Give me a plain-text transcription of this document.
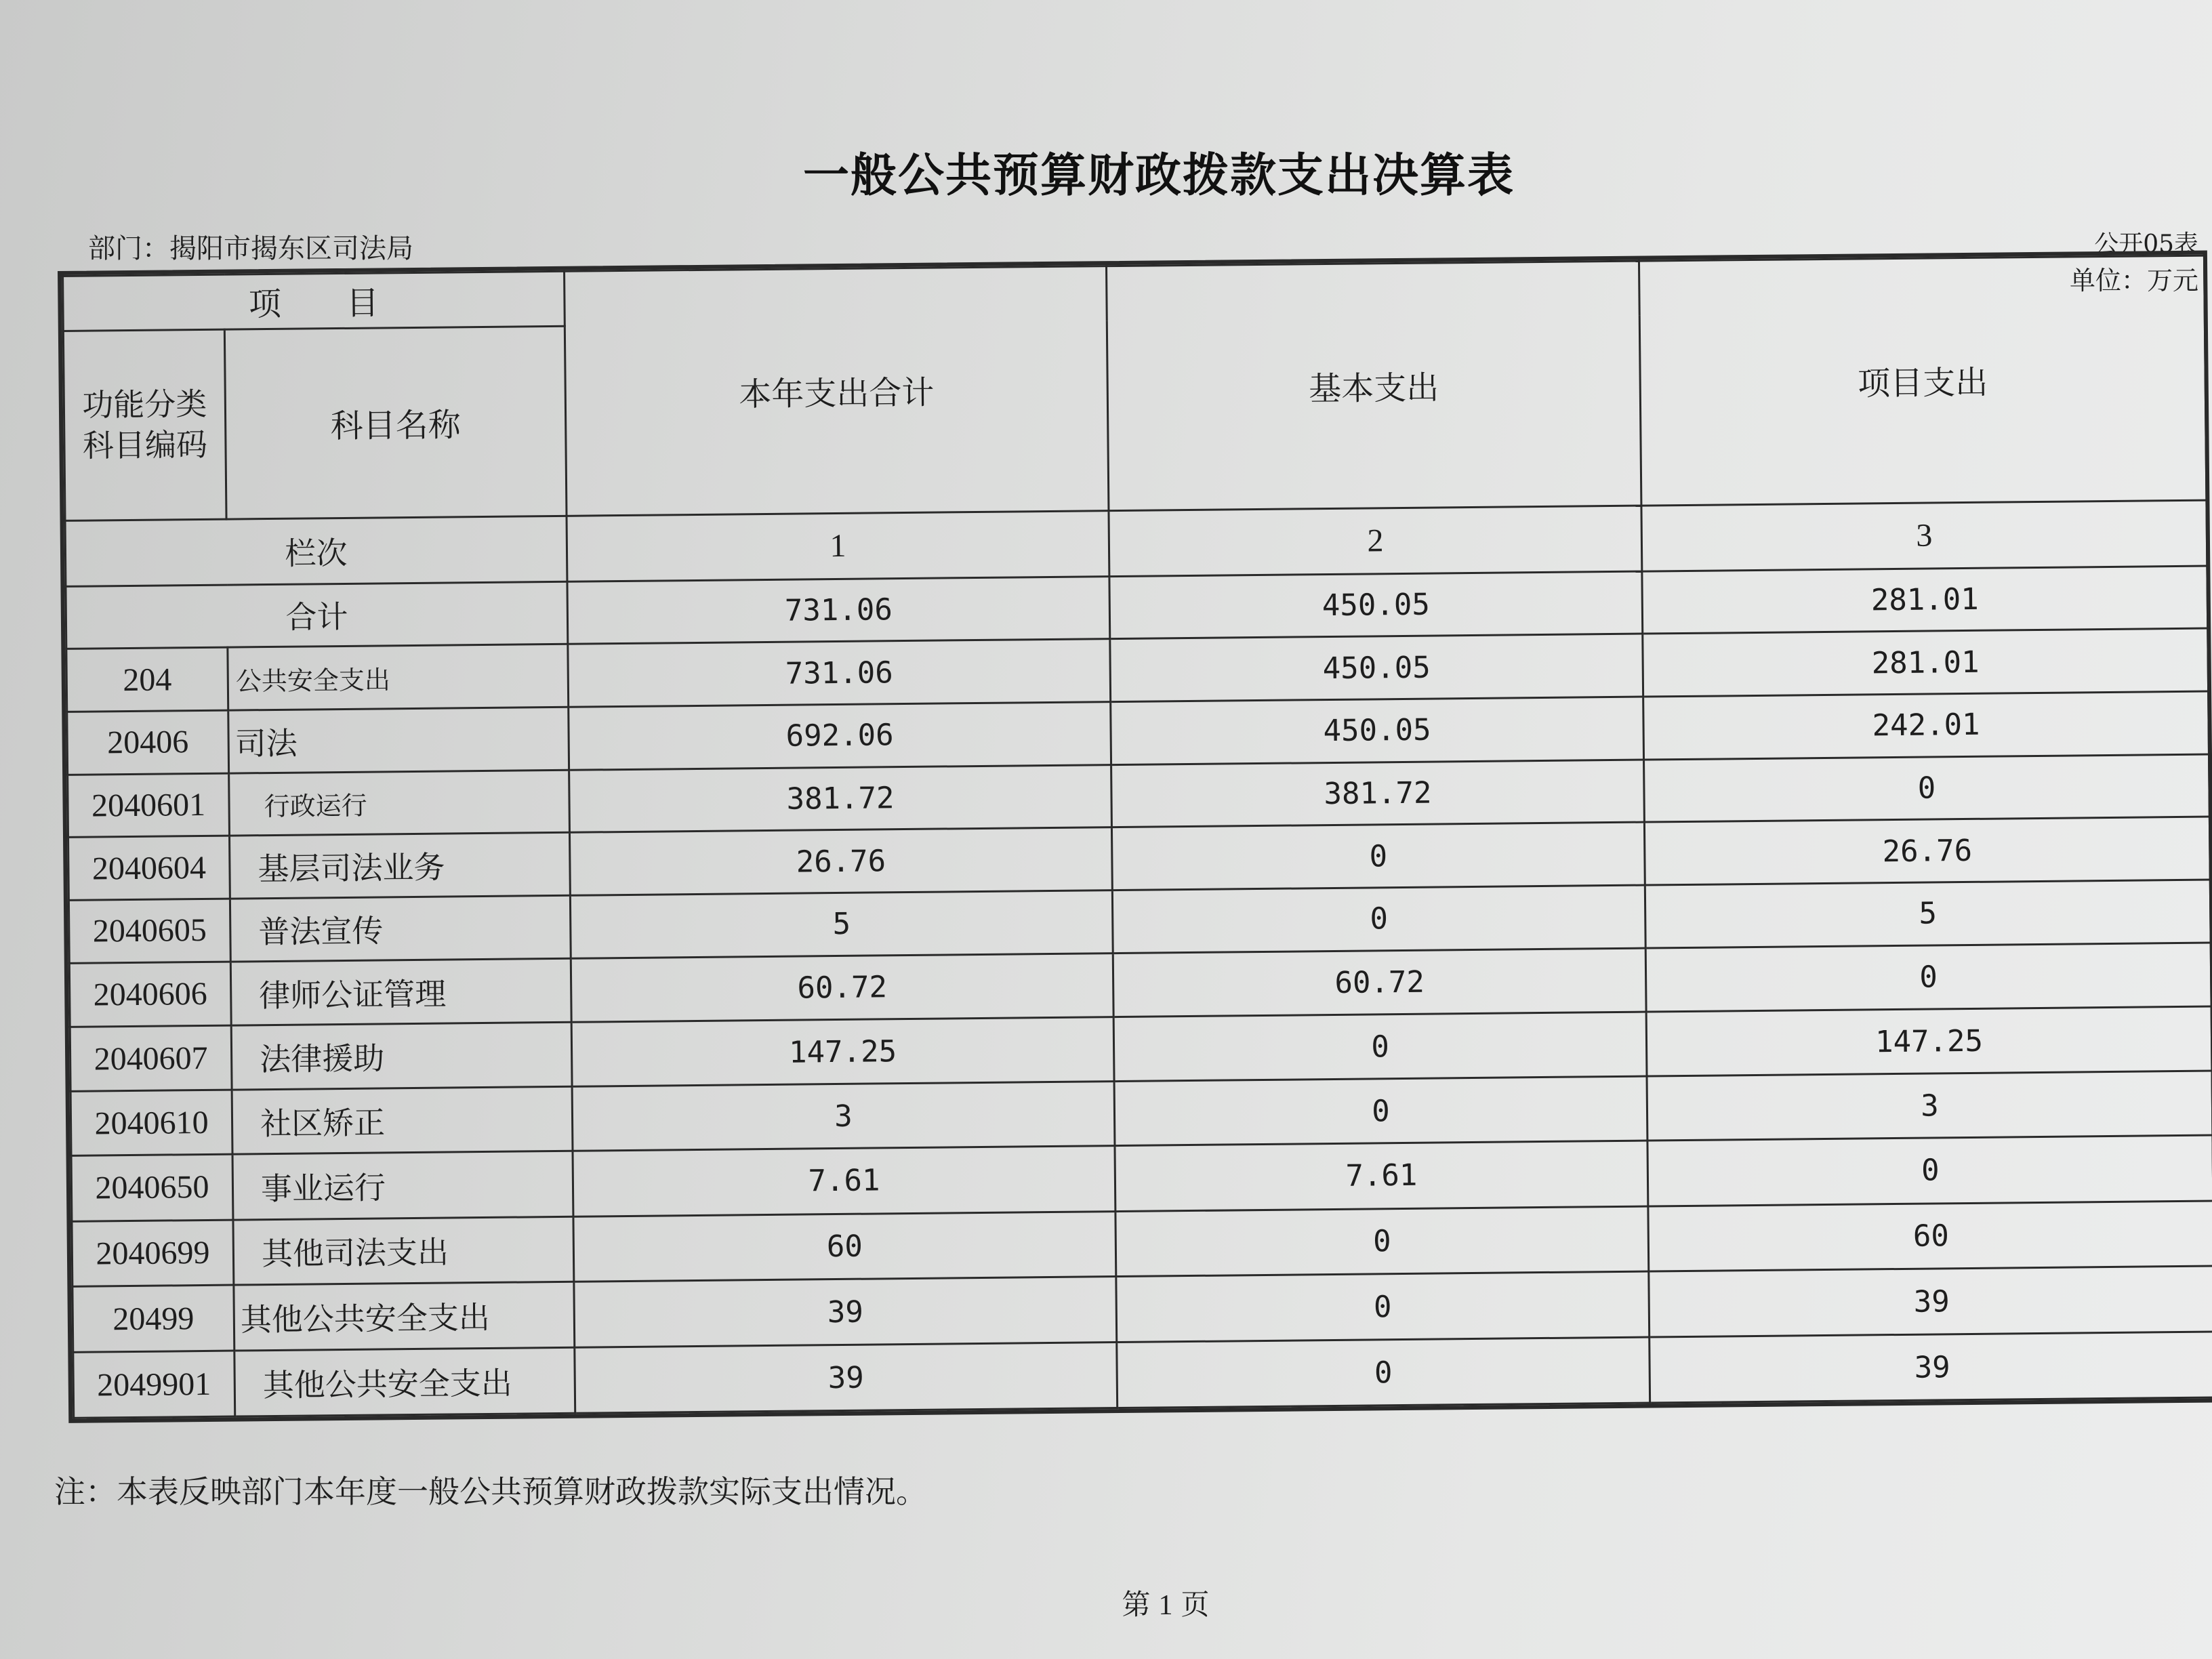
一般公共预算财政拨款支出决算表
部门：揭阳市揭东区司法局	公开05表
单位：万元
项　　目		本年支出合计	基本支出	项目支出
功能分类科目编码	科目名称			
栏次		1	2	3
合计		731.06	450.05	281.01
204	公共安全支出	731.06	450.05	281.01
20406	司法	692.06	450.05	242.01
2040601	行政运行	381.72	381.72	0
2040604	基层司法业务	26.76	0	26.76
2040605	普法宣传	5	0	5
2040606	律师公证管理	60.72	60.72	0
2040607	法律援助	147.25	0	147.25
2040610	社区矫正	3	0	3
2040650	事业运行	7.61	7.61	0
2040699	其他司法支出	60	0	60
20499	其他公共安全支出	39	0	39
2049901	其他公共安全支出	39	0	39
注：本表反映部门本年度一般公共预算财政拨款实际支出情况。
第 1 页
